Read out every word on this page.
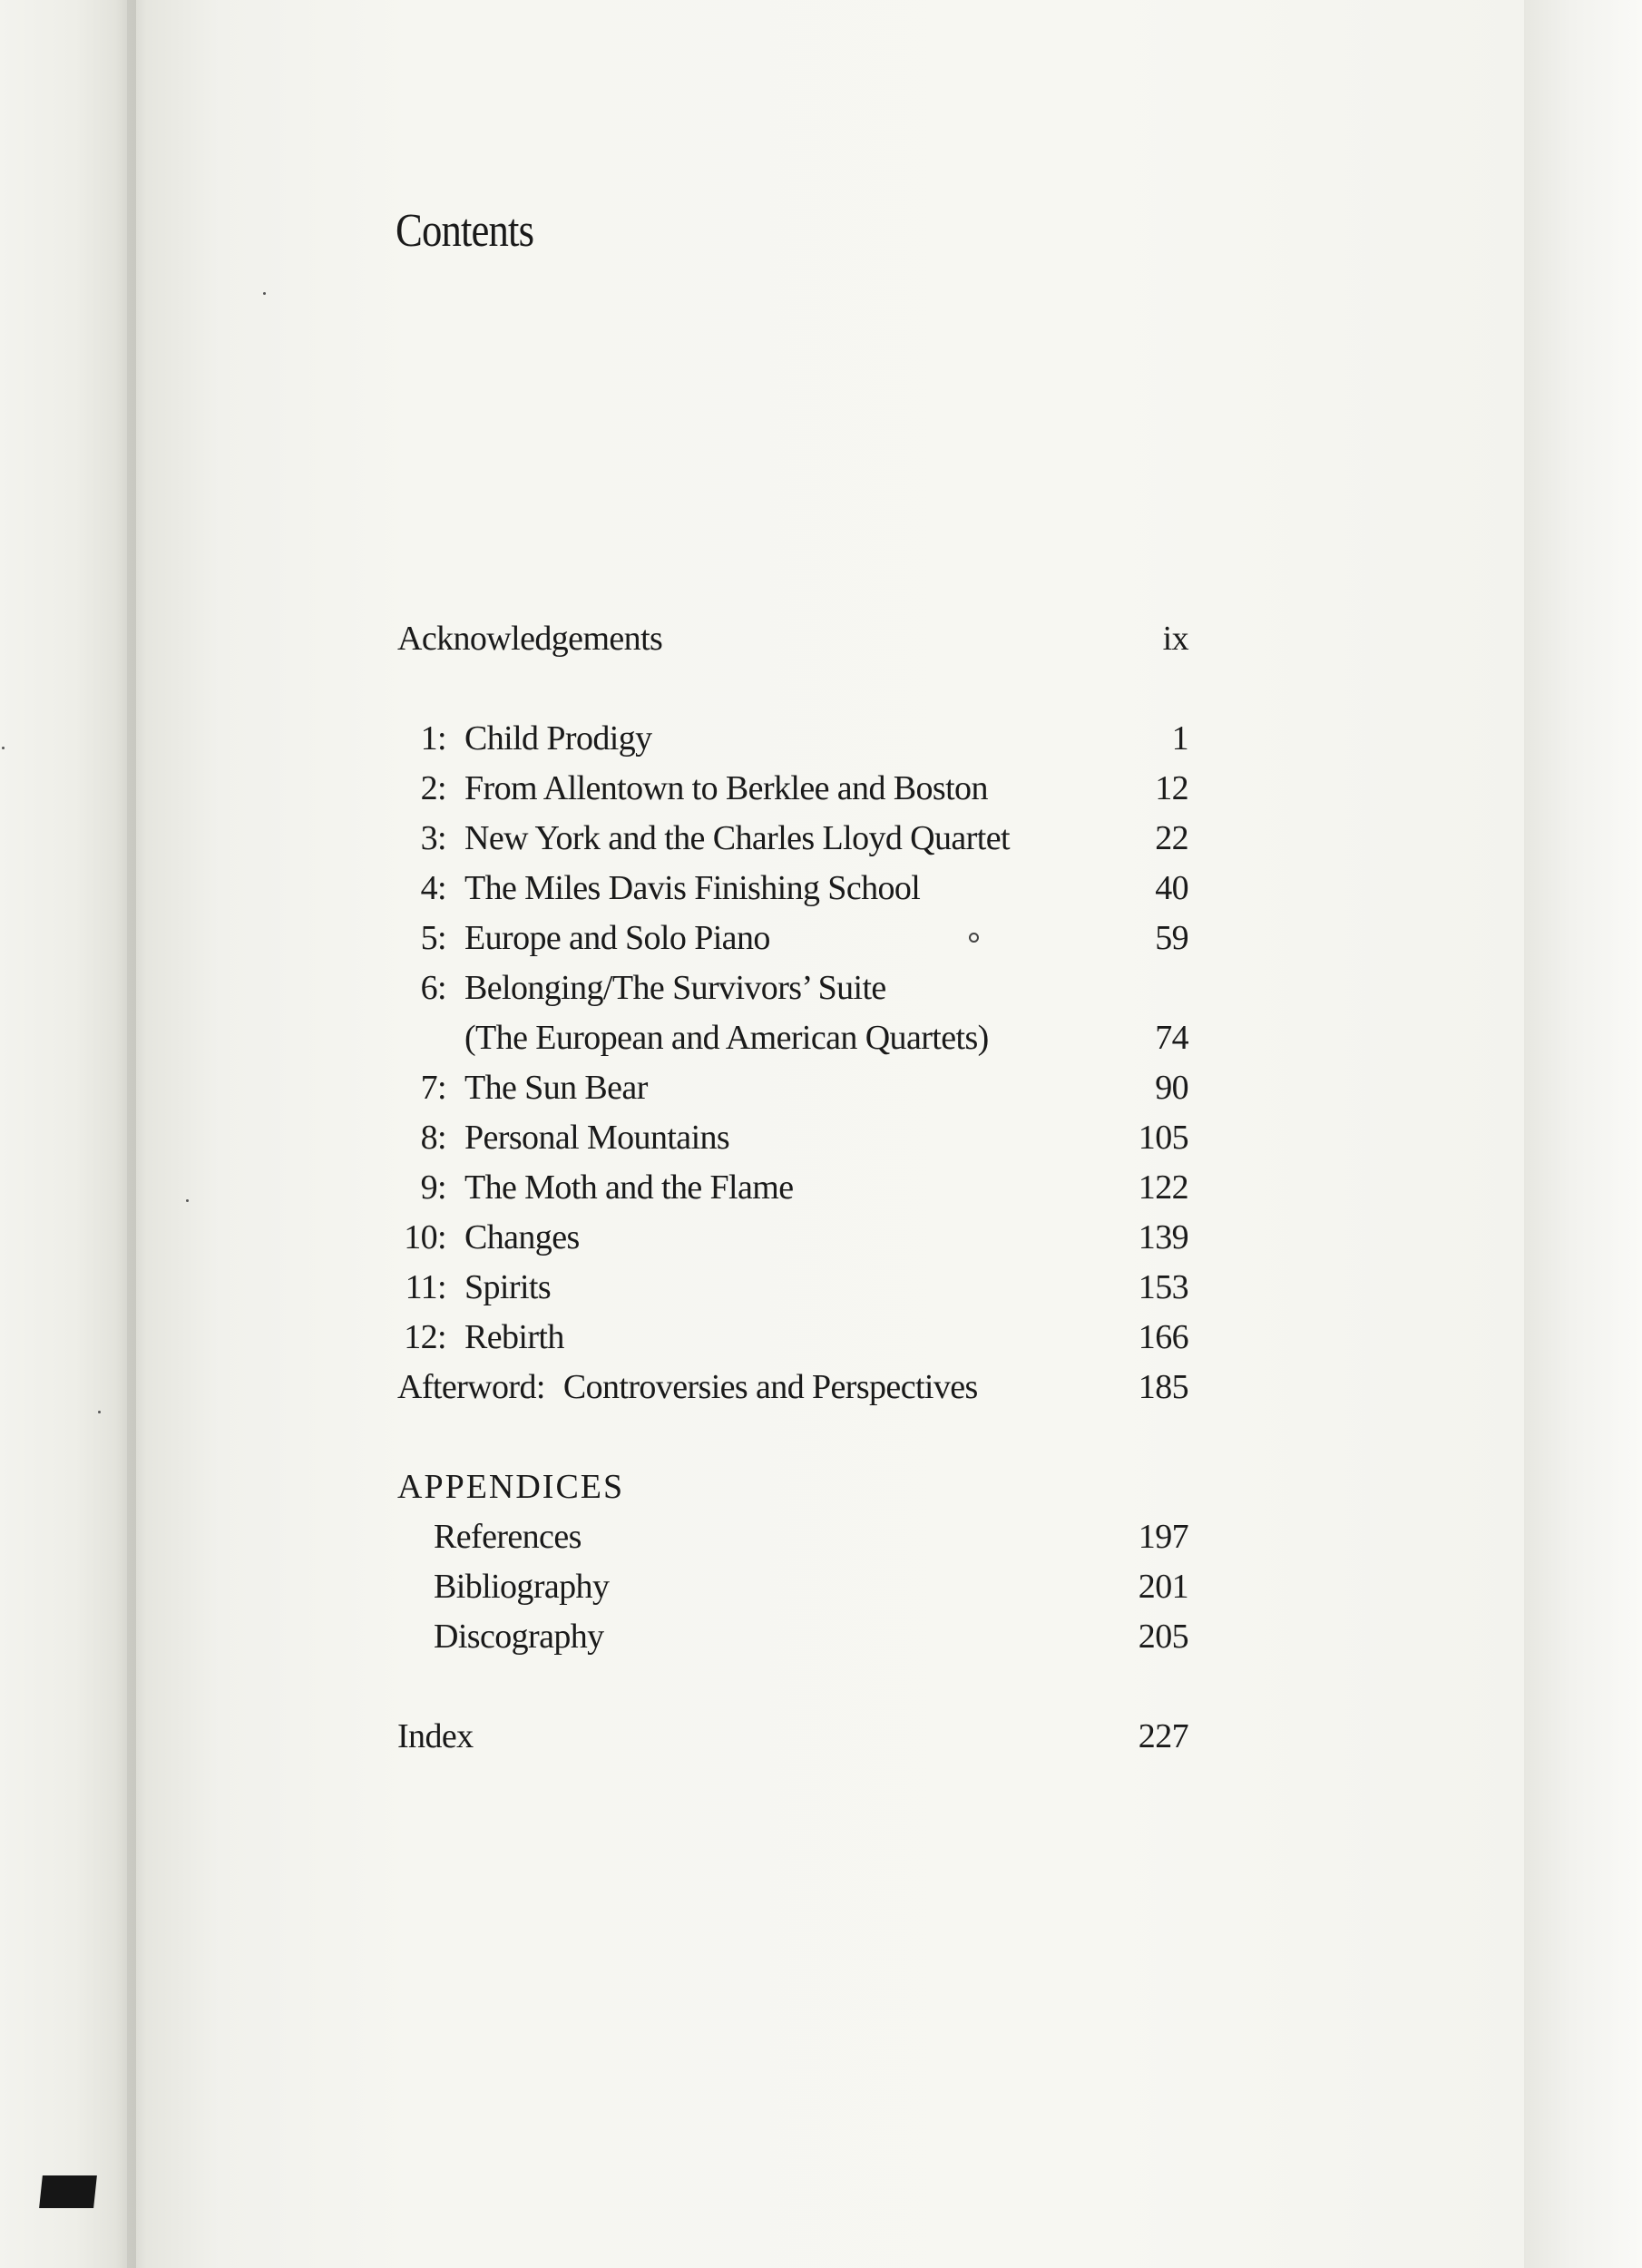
Contents
Acknowledgements	ix
1: Child Prodigy	1
2: From Allentown to Berklee and Boston	12
3: New York and the Charles Lloyd Quartet	22
4: The Miles Davis Finishing School	40
5: Europe and Solo Piano	59
6: Belonging/The Survivors’ Suite
(The European and American Quartets)	74
7: The Sun Bear	90
8: Personal Mountains	105
9: The Moth and the Flame	122
10: Changes	139
11: Spirits	153
12: Rebirth	166
Afterword: Controversies and Perspectives	185
APPENDICES
References	197
Bibliography	201
Discography	205
Index	227
